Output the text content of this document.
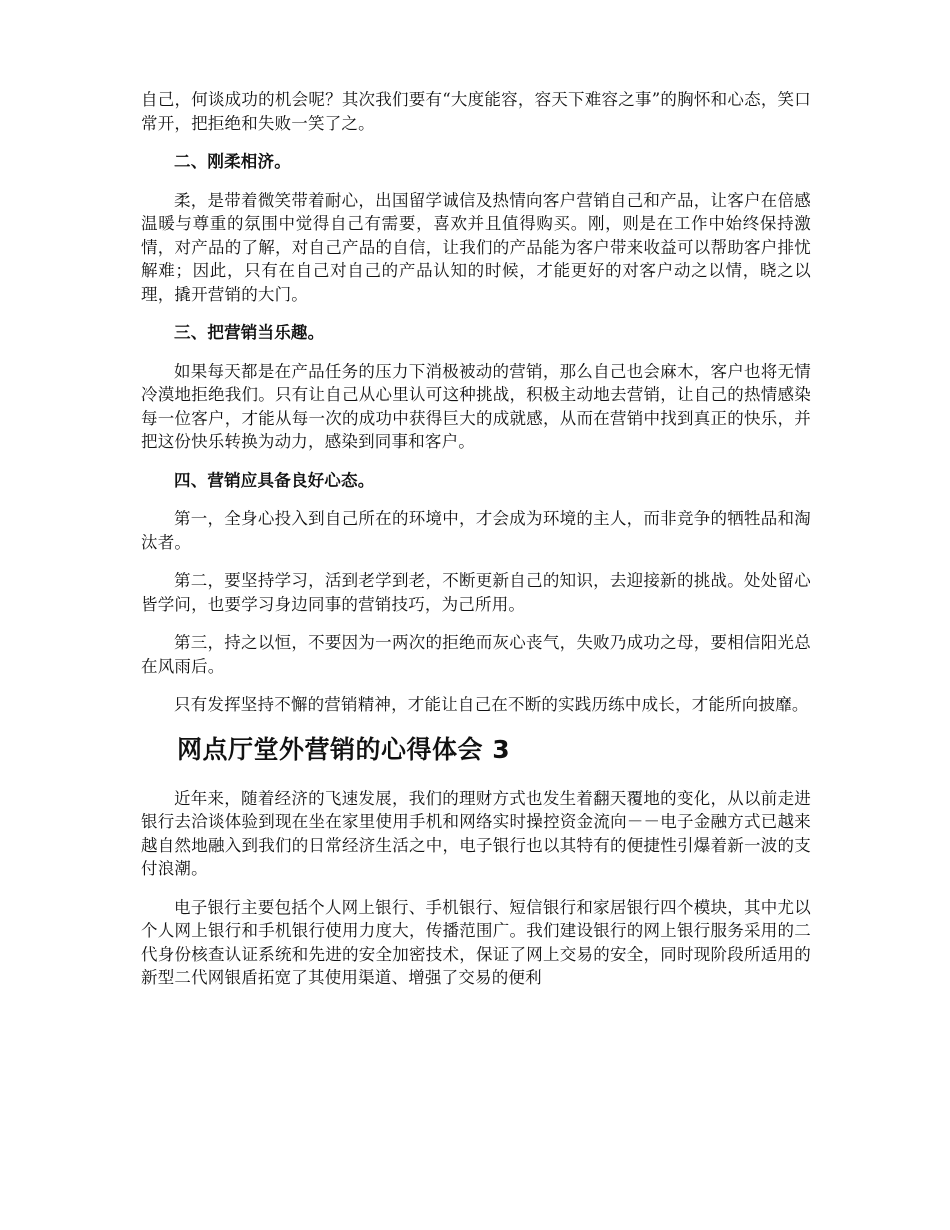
自己，何谈成功的机会呢？其次我们要有“大度能容，容天下难容之事”的胸怀和心态，笑口常开，把拒绝和失败一笑了之。

二、刚柔相济。

柔，是带着微笑带着耐心，出国留学诚信及热情向客户营销自己和产品，让客户在倍感温暖与尊重的氛围中觉得自己有需要，喜欢并且值得购买。刚，则是在工作中始终保持激情，对产品的了解，对自己产品的自信，让我们的产品能为客户带来收益可以帮助客户排忧解难；因此，只有在自己对自己的产品认知的时候，才能更好的对客户动之以情，晓之以理，撬开营销的大门。

三、把营销当乐趣。

如果每天都是在产品任务的压力下消极被动的营销，那么自己也会麻木，客户也将无情冷漠地拒绝我们。只有让自己从心里认可这种挑战，积极主动地去营销，让自己的热情感染每一位客户，才能从每一次的成功中获得巨大的成就感，从而在营销中找到真正的快乐，并把这份快乐转换为动力，感染到同事和客户。

四、营销应具备良好心态。

第一，全身心投入到自己所在的环境中，才会成为环境的主人，而非竞争的牺牲品和淘汰者。

第二，要坚持学习，活到老学到老，不断更新自己的知识，去迎接新的挑战。处处留心皆学问，也要学习身边同事的营销技巧，为己所用。

第三，持之以恒，不要因为一两次的拒绝而灰心丧气，失败乃成功之母，要相信阳光总在风雨后。

只有发挥坚持不懈的营销精神，才能让自己在不断的实践历练中成长，才能所向披靡。

网点厅堂外营销的心得体会 3

近年来，随着经济的飞速发展，我们的理财方式也发生着翻天覆地的变化，从以前走进银行去洽谈体验到现在坐在家里使用手机和网络实时操控资金流向－－电子金融方式已越来越自然地融入到我们的日常经济生活之中，电子银行也以其特有的便捷性引爆着新一波的支付浪潮。

电子银行主要包括个人网上银行、手机银行、短信银行和家居银行四个模块，其中尤以个人网上银行和手机银行使用力度大，传播范围广。我们建设银行的网上银行服务采用的二代身份核查认证系统和先进的安全加密技术，保证了网上交易的安全，同时现阶段所适用的新型二代网银盾拓宽了其使用渠道、增强了交易的便利
